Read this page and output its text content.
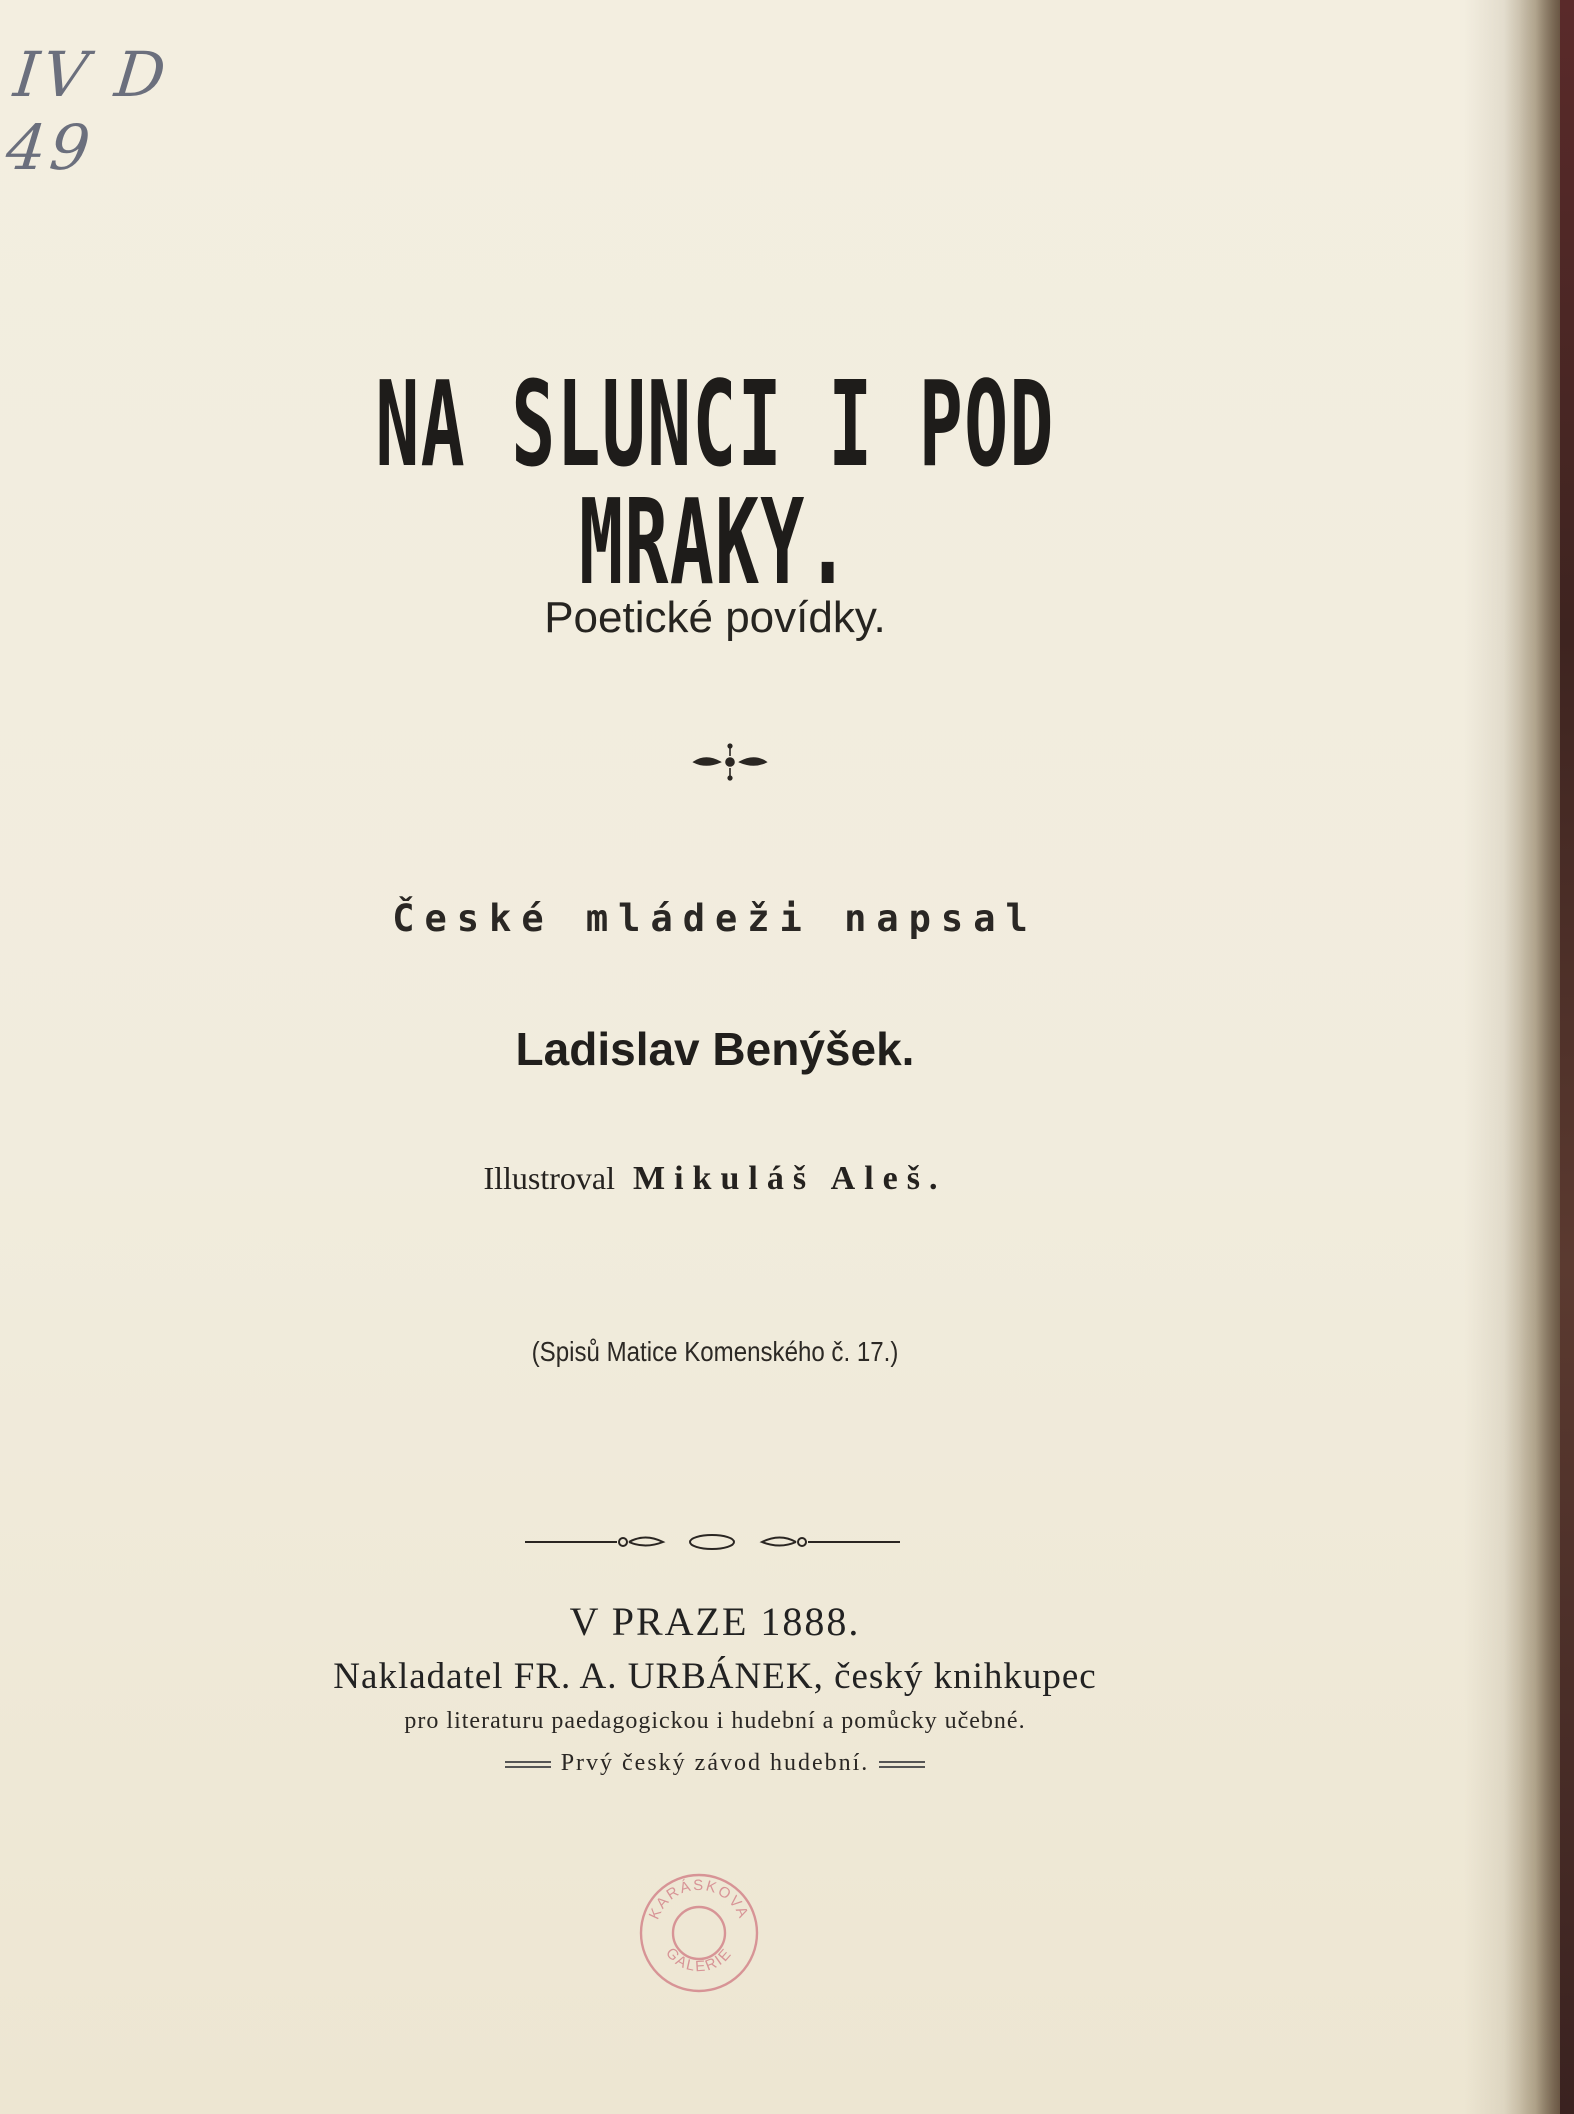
IV D 49
NA SLUNCI I POD MRAKY.
Poetické povídky.
České mládeži napsal
Ladislav Benýšek.
Illustroval Mikuláš Aleš.
(Spisů Matice Komenského č. 17.)
V PRAZE 1888.
Nakladatel FR. A. URBÁNEK, český knihkupec
pro literaturu paedagogickou i hudební a pomůcky učebné.
Prvý český závod hudební.
KARÁSKOVA
GALERIE
